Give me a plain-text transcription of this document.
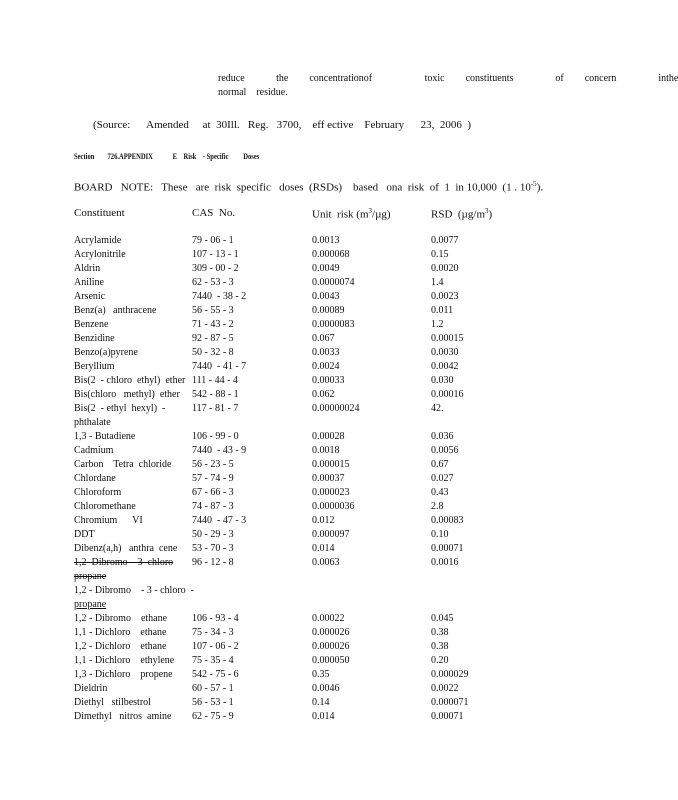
reduce   the  concentrationof     toxic  constituents    of  concern    inthe
normal    residue.
(Source:      Amended     at  30Ill.   Reg.   3700,    eff ective    February      23,  2006  )
Section        726.APPENDIX            E    Risk    - Specific         Doses
BOARD   NOTE:   These   are  risk  specific   doses  (RSDs)    based   ona  risk  of  1  in 10,000  (1 . $10^{-5}$).
Constituent	CAS  No.	Unit  risk $(m^3/\mu g)$	RSD  $(\mu g/m^3)$
Acrylamide	79 - 06 - 1	0.0013	0.0077
Acrylonitrile	107 - 13 - 1	0.000068	0.15
Aldrin	309 - 00 - 2	0.0049	0.0020
Aniline	62 - 53 - 3	0.0000074	1.4
Arsenic	7440  - 38 - 2	0.0043	0.0023
Benz(a)   anthracene	56 - 55 - 3	0.00089	0.011
Benzene	71 - 43 - 2	0.0000083	1.2
Benzidine	92 - 87 - 5	0.067	0.00015
Benzo(a)pyrene	50 - 32 - 8	0.0033	0.0030
Beryllium	7440  - 41 - 7	0.0024	0.0042
Bis(2  - chloro  ethyl)  ether 111 - 44 - 4	0.00033	0.030
Bis(chloro   methyl)  ether 542 - 88 - 1	0.062	0.00016
Bis(2  - ethyl  hexyl)  -	117 - 81 - 7	0.00000024	42.
phthalate
1,3 - Butadiene	106 - 99 - 0	0.00028	0.036
Cadmium	7440  - 43 - 9	0.0018	0.0056
Carbon    Tetra  chloride 56 - 23 - 5	0.000015	0.67
Chlordane	57 - 74 - 9	0.00037	0.027
Chloroform	67 - 66 - 3	0.000023	0.43
Chloromethane	74 - 87 - 3	0.0000036	2.8
Chromium      VI	7440  - 47 - 3	0.012	0.00083
DDT	50 - 29 - 3	0.000097	0.10
Dibenz(a,h)   anthra  cene 53 - 70 - 3	0.014	0.00071
1,2  Dibromo    3  chloro 96 - 12 - 8	0.0063	0.0016
propane
1,2 - Dibromo    - 3 - chloro  -
propane
1,2 - Dibromo    ethane 106 - 93 - 4	0.00022	0.045
1,1 - Dichloro    ethane	75 - 34 - 3	0.000026	0.38
1,2 - Dichloro    ethane	107 - 06 - 2	0.000026	0.38
1,1 - Dichloro    ethylene 75 - 35 - 4	0.000050	0.20
1,3 - Dichloro    propene 542 - 75 - 6	0.35	0.000029
Dieldrin	60 - 57 - 1	0.0046	0.0022
Diethyl   stilbestrol	56 - 53 - 1	0.14	0.000071
Dimethyl   nitros  amine 62 - 75 - 9	0.014	0.00071
